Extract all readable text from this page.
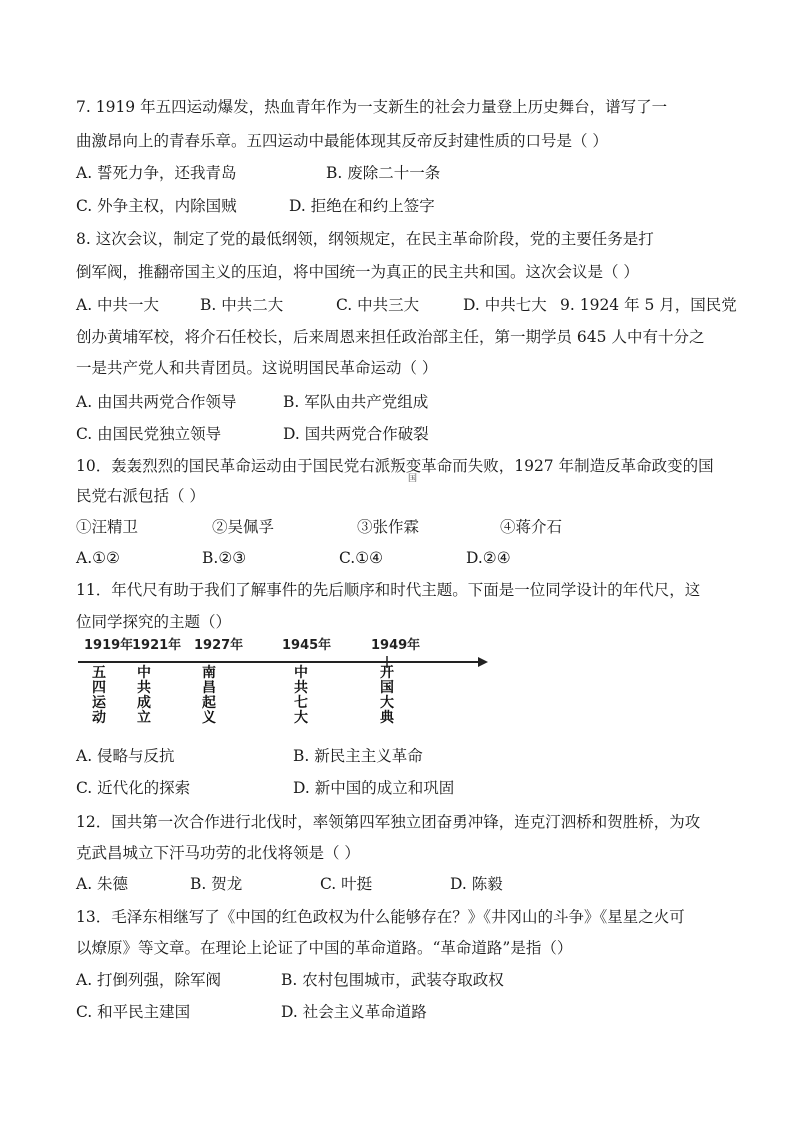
7. 1919 年五四运动爆发，热血青年作为一支新生的社会力量登上历史舞台，谱写了一
曲激昂向上的青春乐章。五四运动中最能体现其反帝反封建性质的口号是（ ）
A. 誓死力争，还我青岛	B. 废除二十一条
C. 外争主权，内除国贼	D. 拒绝在和约上签字
8. 这次会议，制定了党的最低纲领，纲领规定，在民主革命阶段，党的主要任务是打
倒军阀，推翻帝国主义的压迫，将中国统一为真正的民主共和国。这次会议是（ ）
A. 中共一大	B. 中共二大	C. 中共三大	D. 中共七大 9. 1924 年 5 月，国民党
创办黄埔军校，将介石任校长，后来周恩来担任政治部主任，第一期学员 645 人中有十分之
一是共产党人和共青团员。这说明国民革命运动（ ）
A. 由国共两党合作领导	B. 军队由共产党组成
C. 由国民党独立领导	D. 国共两党合作破裂
10．轰轰烈烈的国民革命运动由于国民党右派叛变革命而失败，1927 年制造反革命政变的国
国
民党右派包括（ ）
①汪精卫	②吴佩孚	③张作霖	④蒋介石
A.①②	B.②③	C.①④	D.②④
11．年代尺有助于我们了解事件的先后顺序和时代主题。下面是一位同学设计的年代尺，这
位同学探究的主题（）
1919年
1921年 1927年	1945年	1949年
五四运动
中共成立
南昌起义
中共七大
开国大典
A. 侵略与反抗	B. 新民主主义革命
C. 近代化的探索	D. 新中国的成立和巩固
12．国共第一次合作进行北伐时，率领第四军独立团奋勇冲锋，连克汀泗桥和贺胜桥，为攻
克武昌城立下汗马功劳的北伐将领是（ ）
A. 朱德	B. 贺龙	C. 叶挺	D. 陈毅
13．毛泽东相继写了《中国的红色政权为什么能够存在？》《井冈山的斗争》《星星之火可
以燎原》等文章。在理论上论证了中国的革命道路。“革命道路”是指（）
A. 打倒列强，除军阀	B. 农村包围城市，武装夺取政权
C. 和平民主建国	D. 社会主义革命道路
